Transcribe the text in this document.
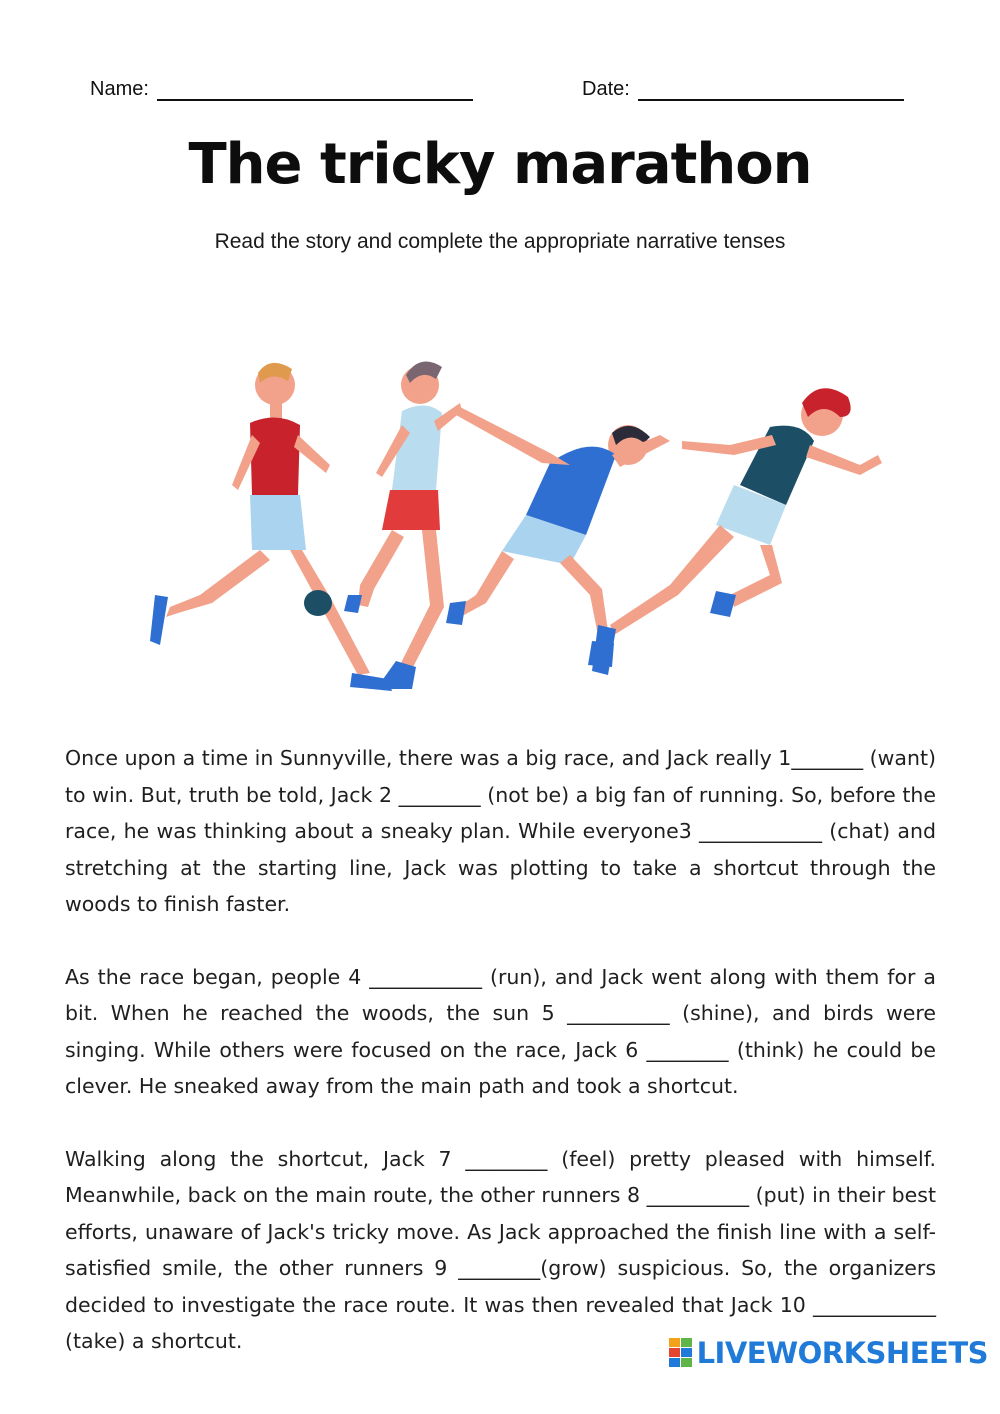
Name:	Date:
The tricky marathon

Read the story and complete the appropriate narrative tenses

Once upon a time in Sunnyville, there was a big race, and Jack really 1_______ (want) to win. But, truth be told, Jack 2 ________ (not be) a big fan of running. So, before the race, he was thinking about a sneaky plan. While everyone3 ____________ (chat) and stretching at the starting line, Jack was plotting to take a shortcut through the woods to finish faster.

As the race began, people 4 ___________ (run), and Jack went along with them for a bit. When he reached the woods, the sun 5 __________ (shine), and birds were singing. While others were focused on the race, Jack 6 ________ (think) he could be clever. He sneaked away from the main path and took a shortcut.

Walking along the shortcut, Jack 7 ________ (feel) pretty pleased with himself. Meanwhile, back on the main route, the other runners 8 __________ (put) in their best efforts, unaware of Jack's tricky move. As Jack approached the finish line with a self-satisfied smile, the other runners 9 ________(grow) suspicious. So, the organizers decided to investigate the race route. It was then revealed that Jack 10 ____________ (take) a shortcut.	LIVEWORKSHEETS
